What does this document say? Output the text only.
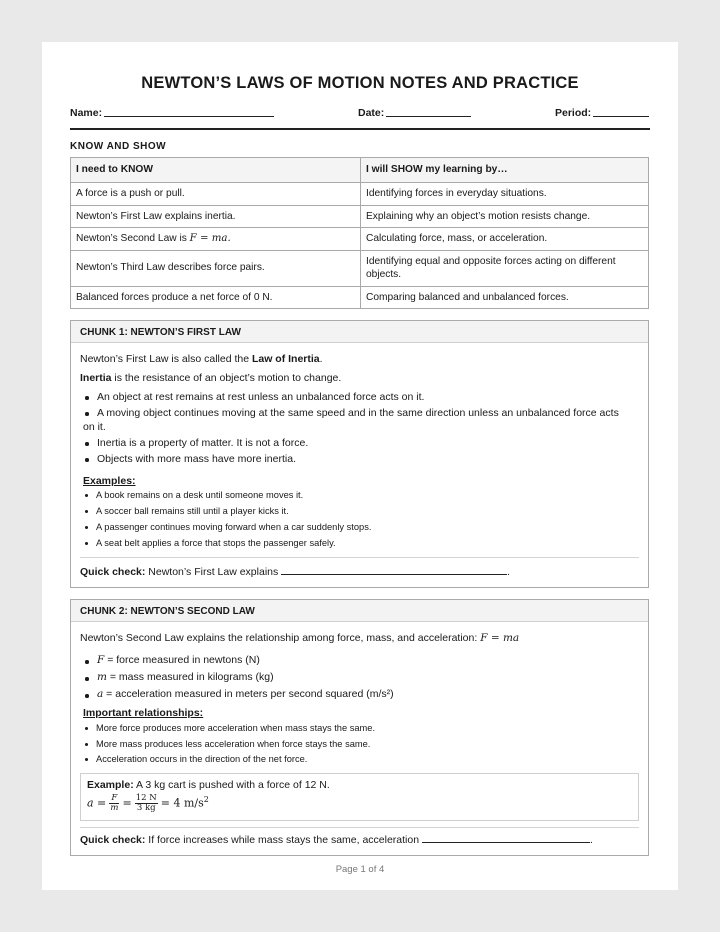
NEWTON’S LAWS OF MOTION NOTES AND PRACTICE
Name:	Date:	Period:
KNOW AND SHOW
I need to KNOW	I will SHOW my learning by…
A force is a push or pull.	Identifying forces in everyday situations.
Newton’s First Law explains inertia.	Explaining why an object’s motion resists change.
Newton’s Second Law is F = ma.	Calculating force, mass, or acceleration.
Newton’s Third Law describes force pairs.	Identifying equal and opposite forces acting on different objects.
Balanced forces produce a net force of 0 N.	Comparing balanced and unbalanced forces.
CHUNK 1: NEWTON’S FIRST LAW
Newton’s First Law is also called the Law of Inertia.
Inertia is the resistance of an object’s motion to change.
An object at rest remains at rest unless an unbalanced force acts on it.
A moving object continues moving at the same speed and in the same direction unless an unbalanced force acts
on it.
Inertia is a property of matter. It is not a force.
Objects with more mass have more inertia.
Examples:
A book remains on a desk until someone moves it.
A soccer ball remains still until a player kicks it.
A passenger continues moving forward when a car suddenly stops.
A seat belt applies a force that stops the passenger safely.
Quick check: Newton’s First Law explains	.
CHUNK 2: NEWTON’S SECOND LAW
Newton’s Second Law explains the relationship among force, mass, and acceleration: F = ma
F = force measured in newtons (N)
m = mass measured in kilograms (kg)
a = acceleration measured in meters per second squared (m/s²)
Important relationships:
More force produces more acceleration when mass stays the same.
More mass produces less acceleration when force stays the same.
Acceleration occurs in the direction of the net force.
Example: A 3 kg cart is pushed with a force of 12 N.
$a = \frac{F}{m} = \frac{12 N}{3 kg} = 4$ $m/s^2$
Quick check: If force increases while mass stays the same, acceleration	.
Page 1 of 4
